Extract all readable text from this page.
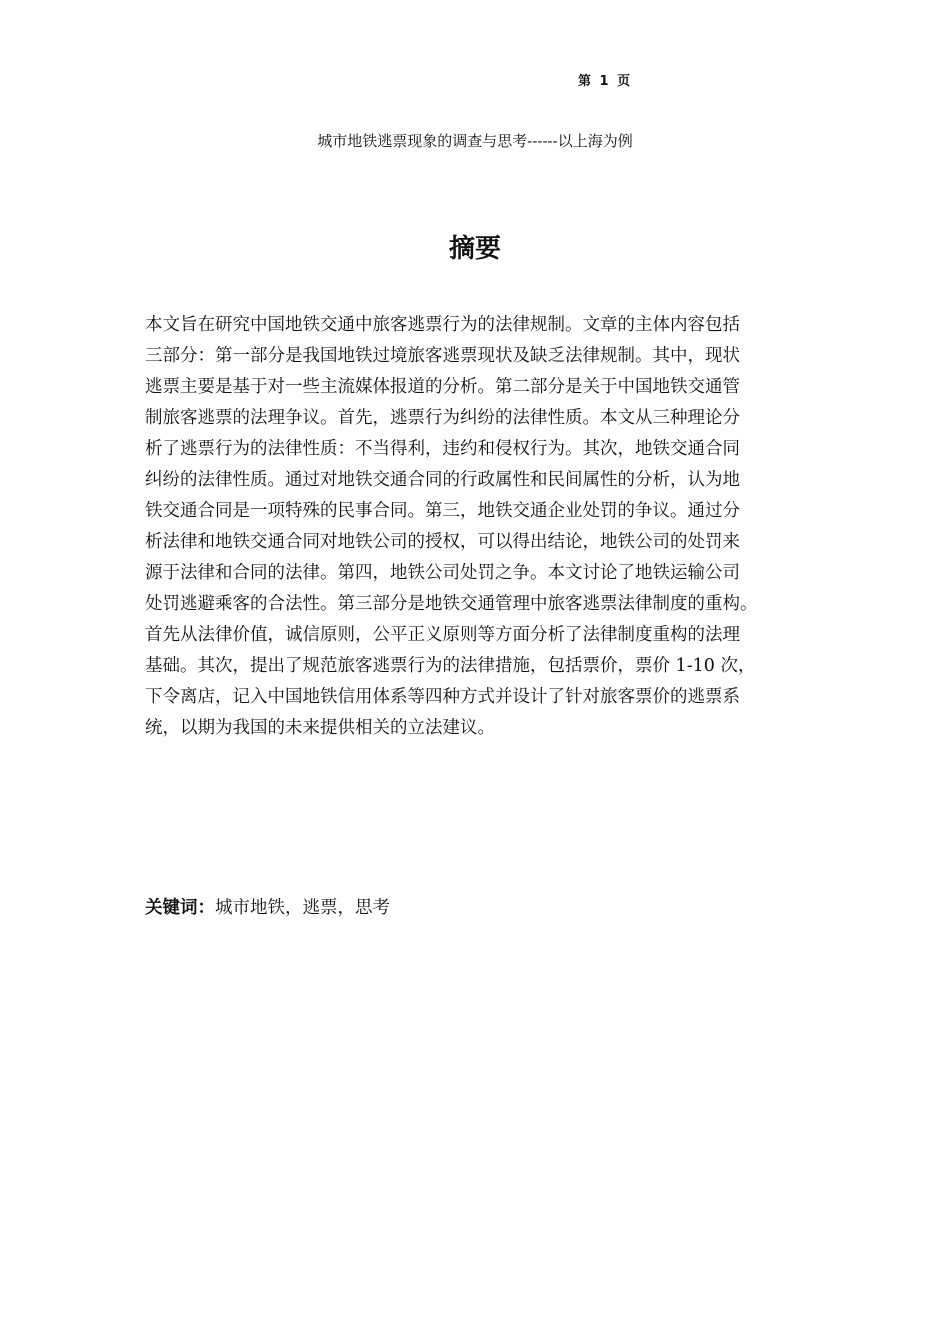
第 1 页
城市地铁逃票现象的调查与思考------以上海为例
摘要
本文旨在研究中国地铁交通中旅客逃票行为的法律规制。文章的主体内容包括
三部分：第一部分是我国地铁过境旅客逃票现状及缺乏法律规制。其中，现状
逃票主要是基于对一些主流媒体报道的分析。第二部分是关于中国地铁交通管
制旅客逃票的法理争议。首先，逃票行为纠纷的法律性质。本文从三种理论分
析了逃票行为的法律性质：不当得利，违约和侵权行为。其次，地铁交通合同
纠纷的法律性质。通过对地铁交通合同的行政属性和民间属性的分析，认为地
铁交通合同是一项特殊的民事合同。第三，地铁交通企业处罚的争议。通过分
析法律和地铁交通合同对地铁公司的授权，可以得出结论，地铁公司的处罚来
源于法律和合同的法律。第四，地铁公司处罚之争。本文讨论了地铁运输公司
处罚逃避乘客的合法性。第三部分是地铁交通管理中旅客逃票法律制度的重构。
首先从法律价值，诚信原则，公平正义原则等方面分析了法律制度重构的法理
基础。其次，提出了规范旅客逃票行为的法律措施，包括票价，票价 1-10 次，
下令离店，记入中国地铁信用体系等四种方式并设计了针对旅客票价的逃票系
统，以期为我国的未来提供相关的立法建议。
关键词：城市地铁，逃票，思考
